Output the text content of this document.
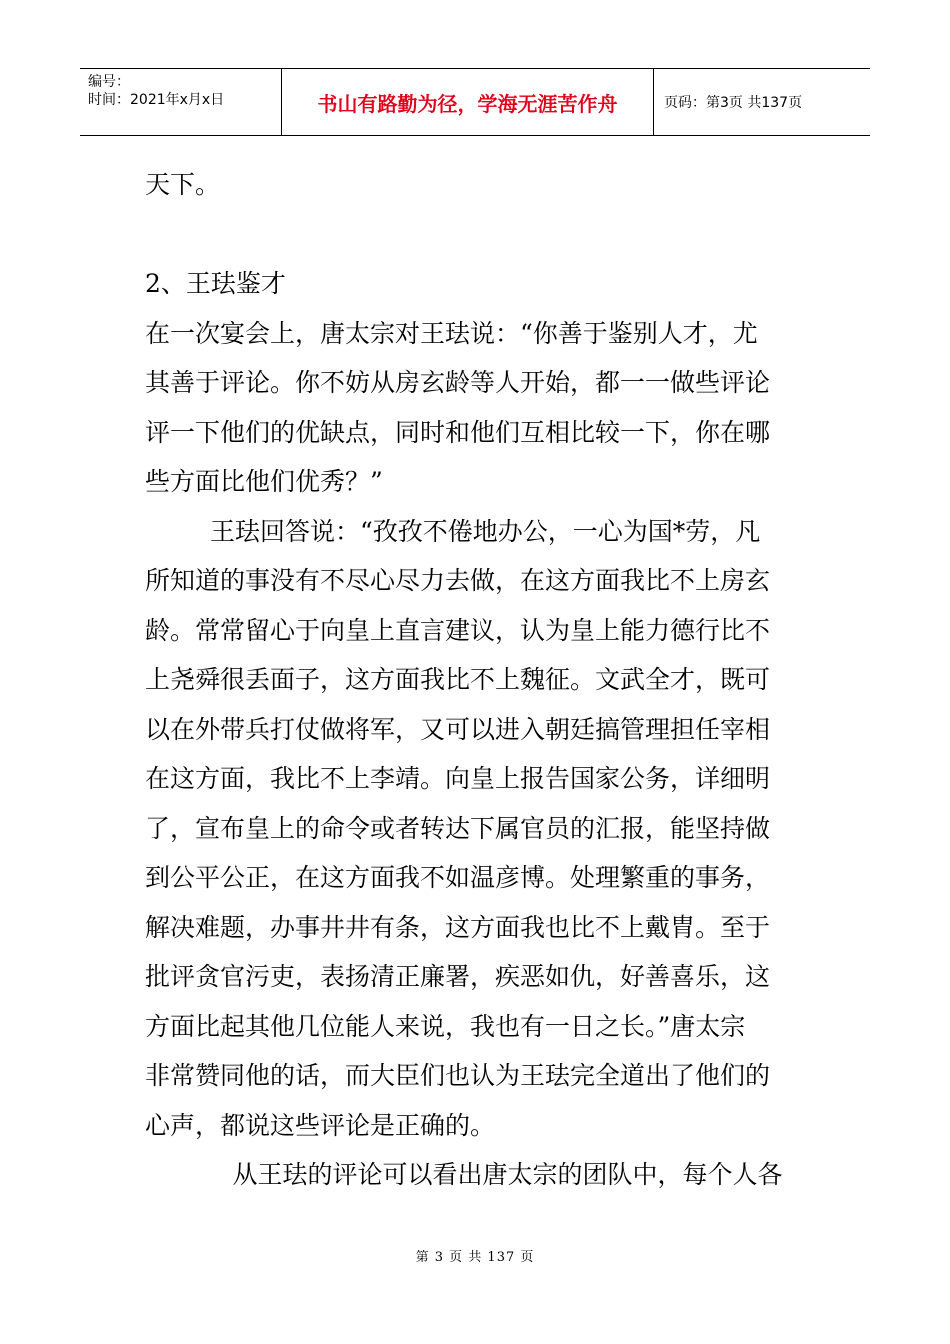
编号：
时间：2021年x月x日	书山有路勤为径，学海无涯苦作舟	页码：第3页 共137页

天下。

2、王珐鉴才

在一次宴会上，唐太宗对王珐说：“你善于鉴别人才，尤

其善于评论。你不妨从房玄龄等人开始，都一一做些评论

评一下他们的优缺点，同时和他们互相比较一下，你在哪

些方面比他们优秀？”

王珐回答说：“孜孜不倦地办公，一心为国*劳，凡

所知道的事没有不尽心尽力去做，在这方面我比不上房玄

龄。常常留心于向皇上直言建议，认为皇上能力德行比不

上尧舜很丢面子，这方面我比不上魏征。文武全才，既可

以在外带兵打仗做将军，又可以进入朝廷搞管理担任宰相

在这方面，我比不上李靖。向皇上报告国家公务，详细明

了，宣布皇上的命令或者转达下属官员的汇报，能坚持做

到公平公正，在这方面我不如温彦博。处理繁重的事务，

解决难题，办事井井有条，这方面我也比不上戴胄。至于

批评贪官污吏，表扬清正廉署，疾恶如仇，好善喜乐，这

方面比起其他几位能人来说，我也有一日之长。”唐太宗

非常赞同他的话，而大臣们也认为王珐完全道出了他们的

心声，都说这些评论是正确的。

从王珐的评论可以看出唐太宗的团队中，每个人各

第 3 页 共 137 页
